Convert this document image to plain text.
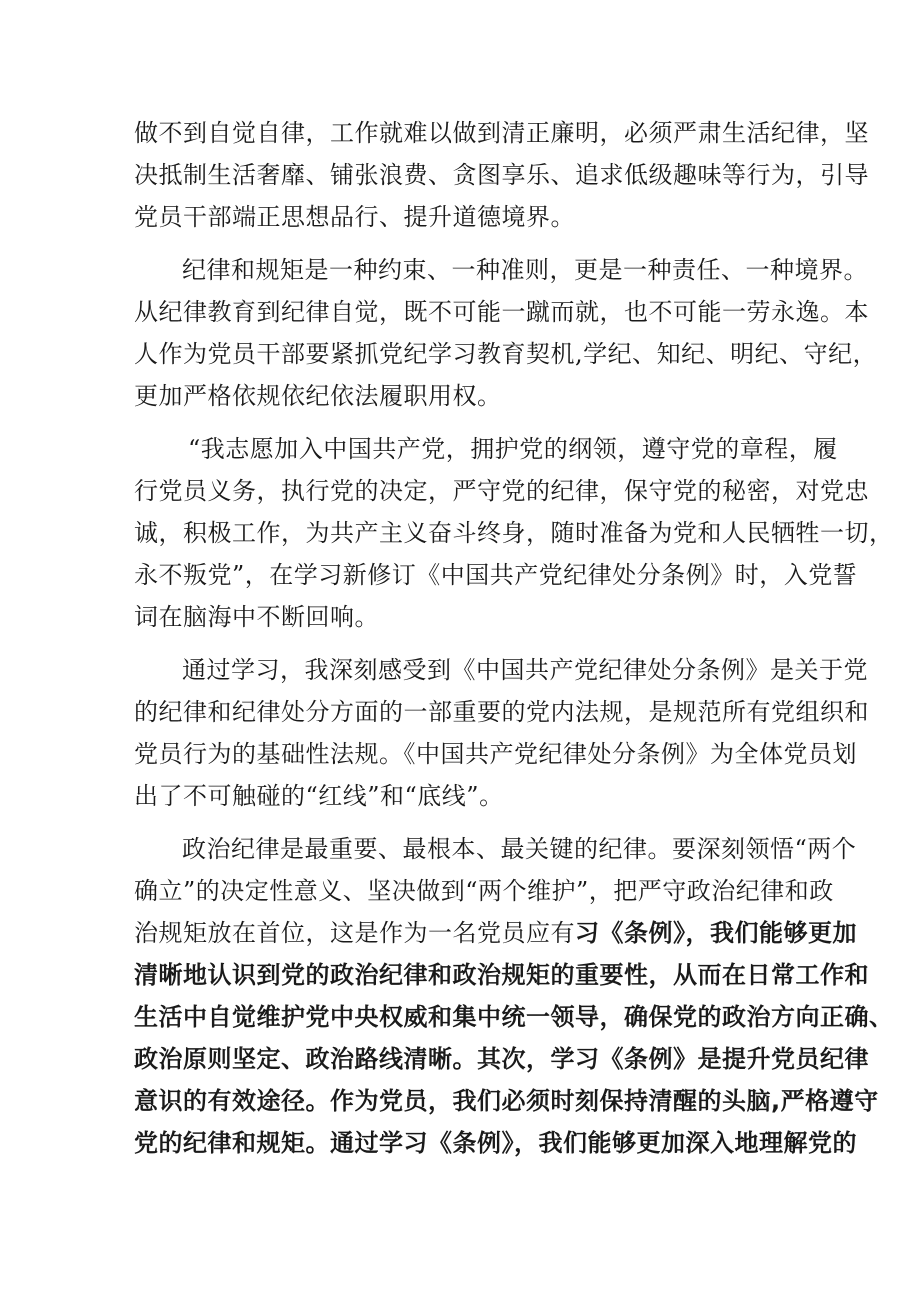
做不到自觉自律，工作就难以做到清正廉明，必须严肃生活纪律，坚
决抵制生活奢靡、铺张浪费、贪图享乐、追求低级趣味等行为，引导
党员干部端正思想品行、提升道德境界。
纪律和规矩是一种约束、一种准则，更是一种责任、一种境界。
从纪律教育到纪律自觉，既不可能一蹴而就，也不可能一劳永逸。本
人作为党员干部要紧抓党纪学习教育契机,学纪、知纪、明纪、守纪，
更加严格依规依纪依法履职用权。
“我志愿加入中国共产党，拥护党的纲领，遵守党的章程，履
行党员义务，执行党的决定，严守党的纪律，保守党的秘密，对党忠
诚，积极工作，为共产主义奋斗终身，随时准备为党和人民牺牲一切，
永不叛党”，在学习新修订《中国共产党纪律处分条例》时，入党誓
词在脑海中不断回响。
通过学习，我深刻感受到《中国共产党纪律处分条例》是关于党
的纪律和纪律处分方面的一部重要的党内法规，是规范所有党组织和
党员行为的基础性法规。《中国共产党纪律处分条例》为全体党员划
出了不可触碰的“红线”和“底线”。
政治纪律是最重要、最根本、最关键的纪律。要深刻领悟“两个
确立”的决定性意义、坚决做到“两个维护”，把严守政治纪律和政
治规矩放在首位，这是作为一名党员应有习《条例》，我们能够更加
清晰地认识到党的政治纪律和政治规矩的重要性，从而在日常工作和
生活中自觉维护党中央权威和集中统一领导，确保党的政治方向正确、
政治原则坚定、政治路线清晰。其次，学习《条例》是提升党员纪律
意识的有效途径。作为党员，我们必须时刻保持清醒的头脑,严格遵守
党的纪律和规矩。通过学习《条例》，我们能够更加深入地理解党的
